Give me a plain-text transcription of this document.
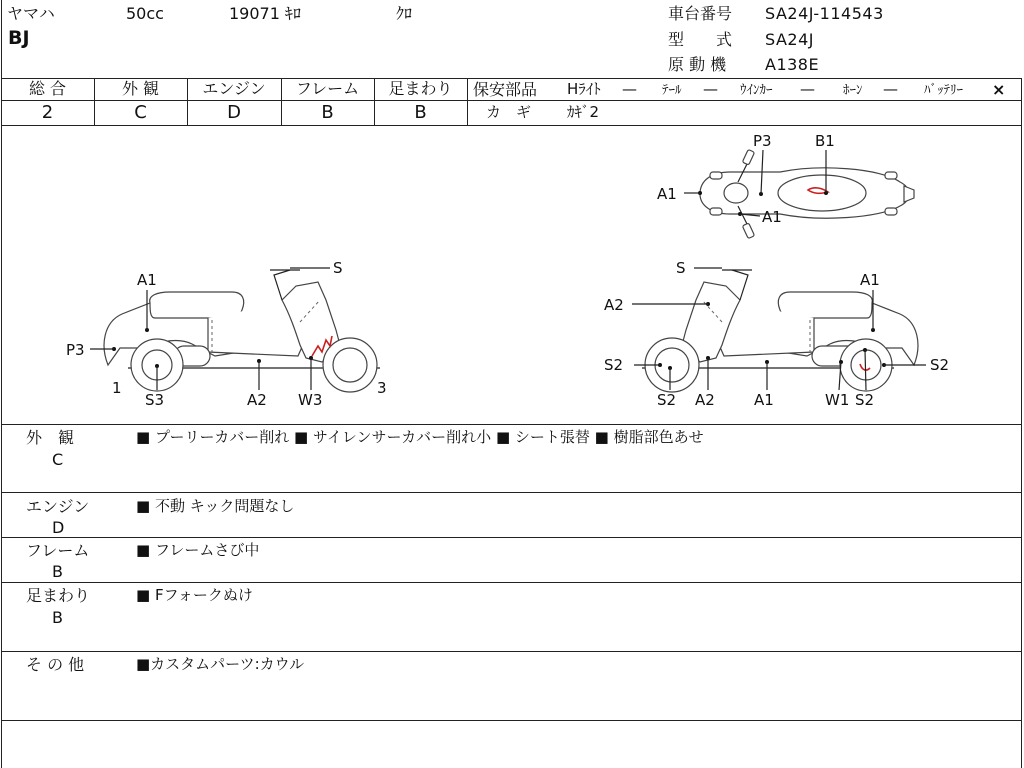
ヤマハ	50cc	19071 ｷﾛ	ｸﾛ
BJ
車台番号 SA24J-114543
型　　式 SA24J
原 動 機 A138E
総 合	外 観	エンジン	フレーム	足まわり
2	C	D	B	B
保安部品 Hﾗｲﾄ — ﾃｰﾙ — ｳｲﾝｶｰ — ﾎｰﾝ — ﾊﾞｯﾃﾘｰ ×
カ　ギ ｶｷﾞ2
A1
S
P3
1
S3	A2 W3
3
P3	B1
A1
A1
S
A1
A2
S2	S2
S2 A2	A1	W1 S2
外　観
C
■ プーリーカバー削れ ■ サイレンサーカバー削れ小 ■ シート張替 ■ 樹脂部色あせ
エンジン
D
■ 不動 キック問題なし
フレーム
B
■ フレームさび中
足まわり
B
■ Fフォークぬけ
そ の 他	■カスタムパーツ:カウル
